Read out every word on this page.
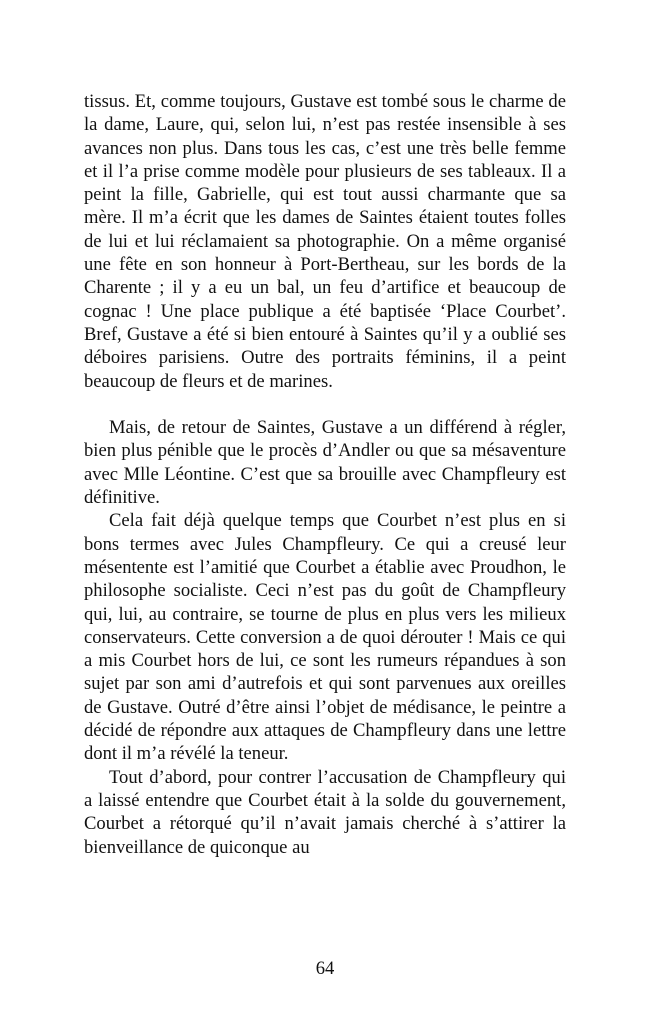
tissus. Et, comme toujours, Gustave est tombé sous le charme de la dame, Laure, qui, selon lui, n’est pas restée insensible à ses avances non plus. Dans tous les cas, c’est une très belle femme et il l’a prise comme modèle pour plusieurs de ses tableaux. Il a peint la fille, Gabrielle, qui est tout aussi charmante que sa mère. Il m’a écrit que les dames de Saintes étaient toutes folles de lui et lui réclamaient sa photographie. On a même organisé une fête en son honneur à Port-Bertheau, sur les bords de la Charente ; il y a eu un bal, un feu d’artifice et beaucoup de cognac ! Une place publique a été baptisée ‘Place Courbet’. Bref, Gustave a été si bien entouré à Saintes qu’il y a oublié ses déboires parisiens. Outre des portraits féminins, il a peint beaucoup de fleurs et de marines.

Mais, de retour de Saintes, Gustave a un différend à régler, bien plus pénible que le procès d’Andler ou que sa mésaventure avec Mlle Léontine. C’est que sa brouille avec Champfleury est définitive.

Cela fait déjà quelque temps que Courbet n’est plus en si bons termes avec Jules Champfleury. Ce qui a creusé leur mésentente est l’amitié que Courbet a établie avec Proudhon, le philosophe socialiste. Ceci n’est pas du goût de Champfleury qui, lui, au contraire, se tourne de plus en plus vers les milieux conservateurs. Cette conversion a de quoi dérouter ! Mais ce qui a mis Courbet hors de lui, ce sont les rumeurs répandues à son sujet par son ami d’autrefois et qui sont parvenues aux oreilles de Gustave. Outré d’être ainsi l’objet de médisance, le peintre a décidé de répondre aux attaques de Champfleury dans une lettre dont il m’a révélé la teneur.

Tout d’abord, pour contrer l’accusation de Champfleury qui a laissé entendre que Courbet était à la solde du gouvernement, Courbet a rétorqué qu’il n’avait jamais cherché à s’attirer la bienveillance de quiconque au

64
